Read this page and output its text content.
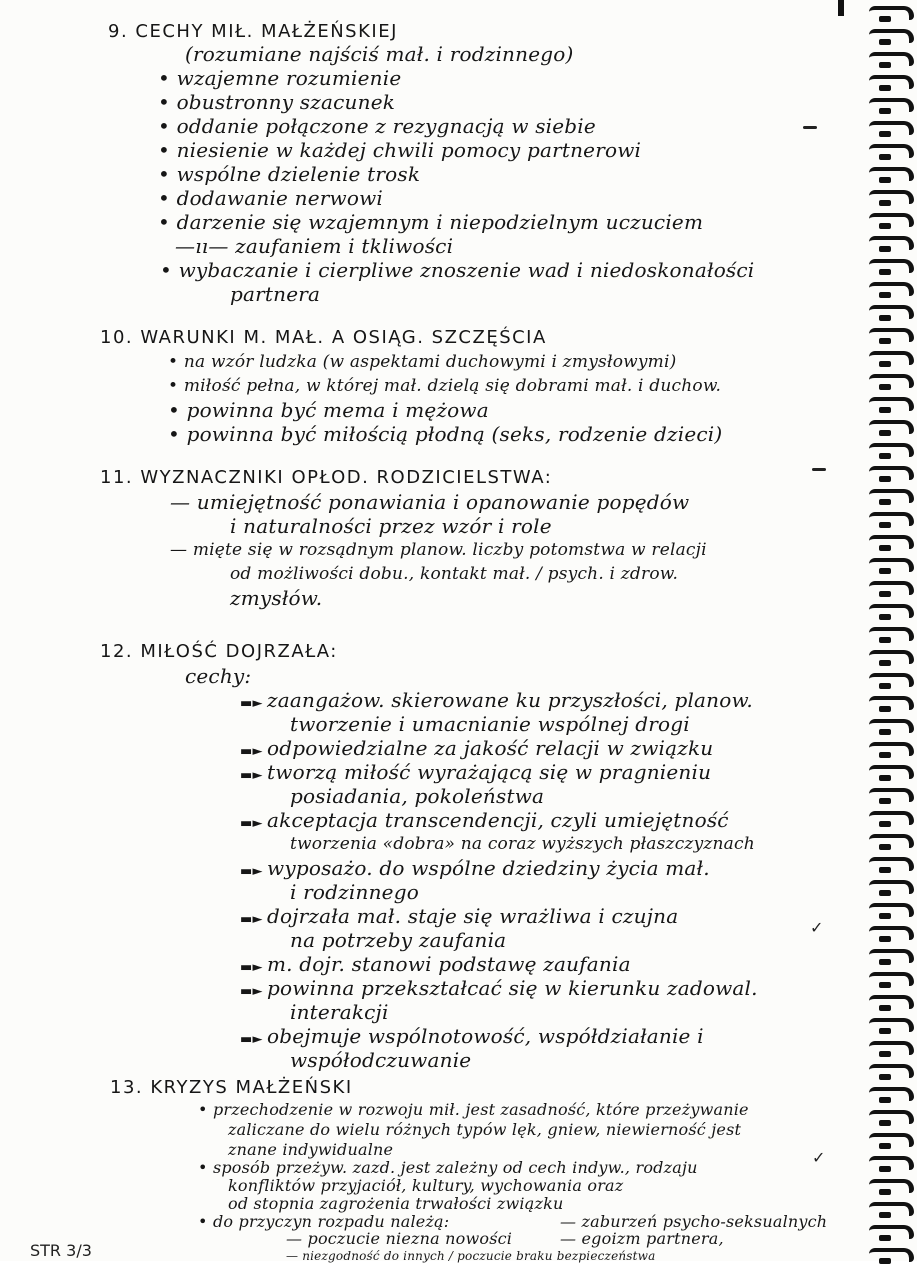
9. CECHY MIŁ. MAŁŻEŃSKIEJ
(rozumiane najściś mał. i rodzinnego)
• wzajemne rozumienie
• obustronny szacunek
• oddanie połączone z rezygnacją w siebie
• niesienie w każdej chwili pomocy partnerowi
• wspólne dzielenie trosk
• dodawanie nerwowi
• darzenie się wzajemnym i niepodzielnym uczuciem
—ıı— zaufaniem i tkliwości
• wybaczanie i cierpliwe znoszenie wad i niedoskonałości
partnera
10. WARUNKI M. MAŁ. A OSIĄG. SZCZĘŚCIA
• na wzór ludzka (w aspektami duchowymi i zmysłowymi)
• miłość pełna, w której mał. dzielą się dobrami mał. i duchow.
• powinna być mema i mężowa
• powinna być miłością płodną (seks, rodzenie dzieci)
11. WYZNACZNIKI OPŁOD. RODZICIELSTWA:
— umiejętność ponawiania i opanowanie popędów
i naturalności przez wzór i role
— mięte się w rozsądnym planow. liczby potomstwa w relacji
od możliwości dobu., kontakt mał. / psych. i zdrow.
zmysłów.
12. MIŁOŚĆ DOJRZAŁA:
cechy:
▬► zaangażow. skierowane ku przyszłości, planow.
tworzenie i umacnianie wspólnej drogi
▬► odpowiedzialne za jakość relacji w związku
▬► tworzą miłość wyrażającą się w pragnieniu
posiadania, pokoleństwa
▬► akceptacja transcendencji, czyli umiejętność
tworzenia «dobra» na coraz wyższych płaszczyznach
▬► wyposażo. do wspólne dziedziny życia mał.
i rodzinnego
▬► dojrzała mał. staje się wrażliwa i czujna
na potrzeby zaufania
▬► m. dojr. stanowi podstawę zaufania
▬► powinna przekształcać się w kierunku zadowal.
interakcji
▬► obejmuje wspólnotowość, współdziałanie i
współodczuwanie
✓
13. KRYZYS MAŁŻEŃSKI
• przechodzenie w rozwoju mił. jest zasadność, które przeżywanie
zaliczane do wielu różnych typów lęk, gniew, niewierność jest
znane indywidualne
• sposób przeżyw. zazd. jest zależny od cech indyw., rodzaju
konfliktów przyjaciół, kultury, wychowania oraz
od stopnia zagrożenia trwałości związku
• do przyczyn rozpadu należą:
— poczucie niezna nowości
—	egoizm partnera,
— zaburzeń psycho-seksualnych
— niezgodność do innych / poczucie braku bezpieczeństwa
✓
STR 3/3
